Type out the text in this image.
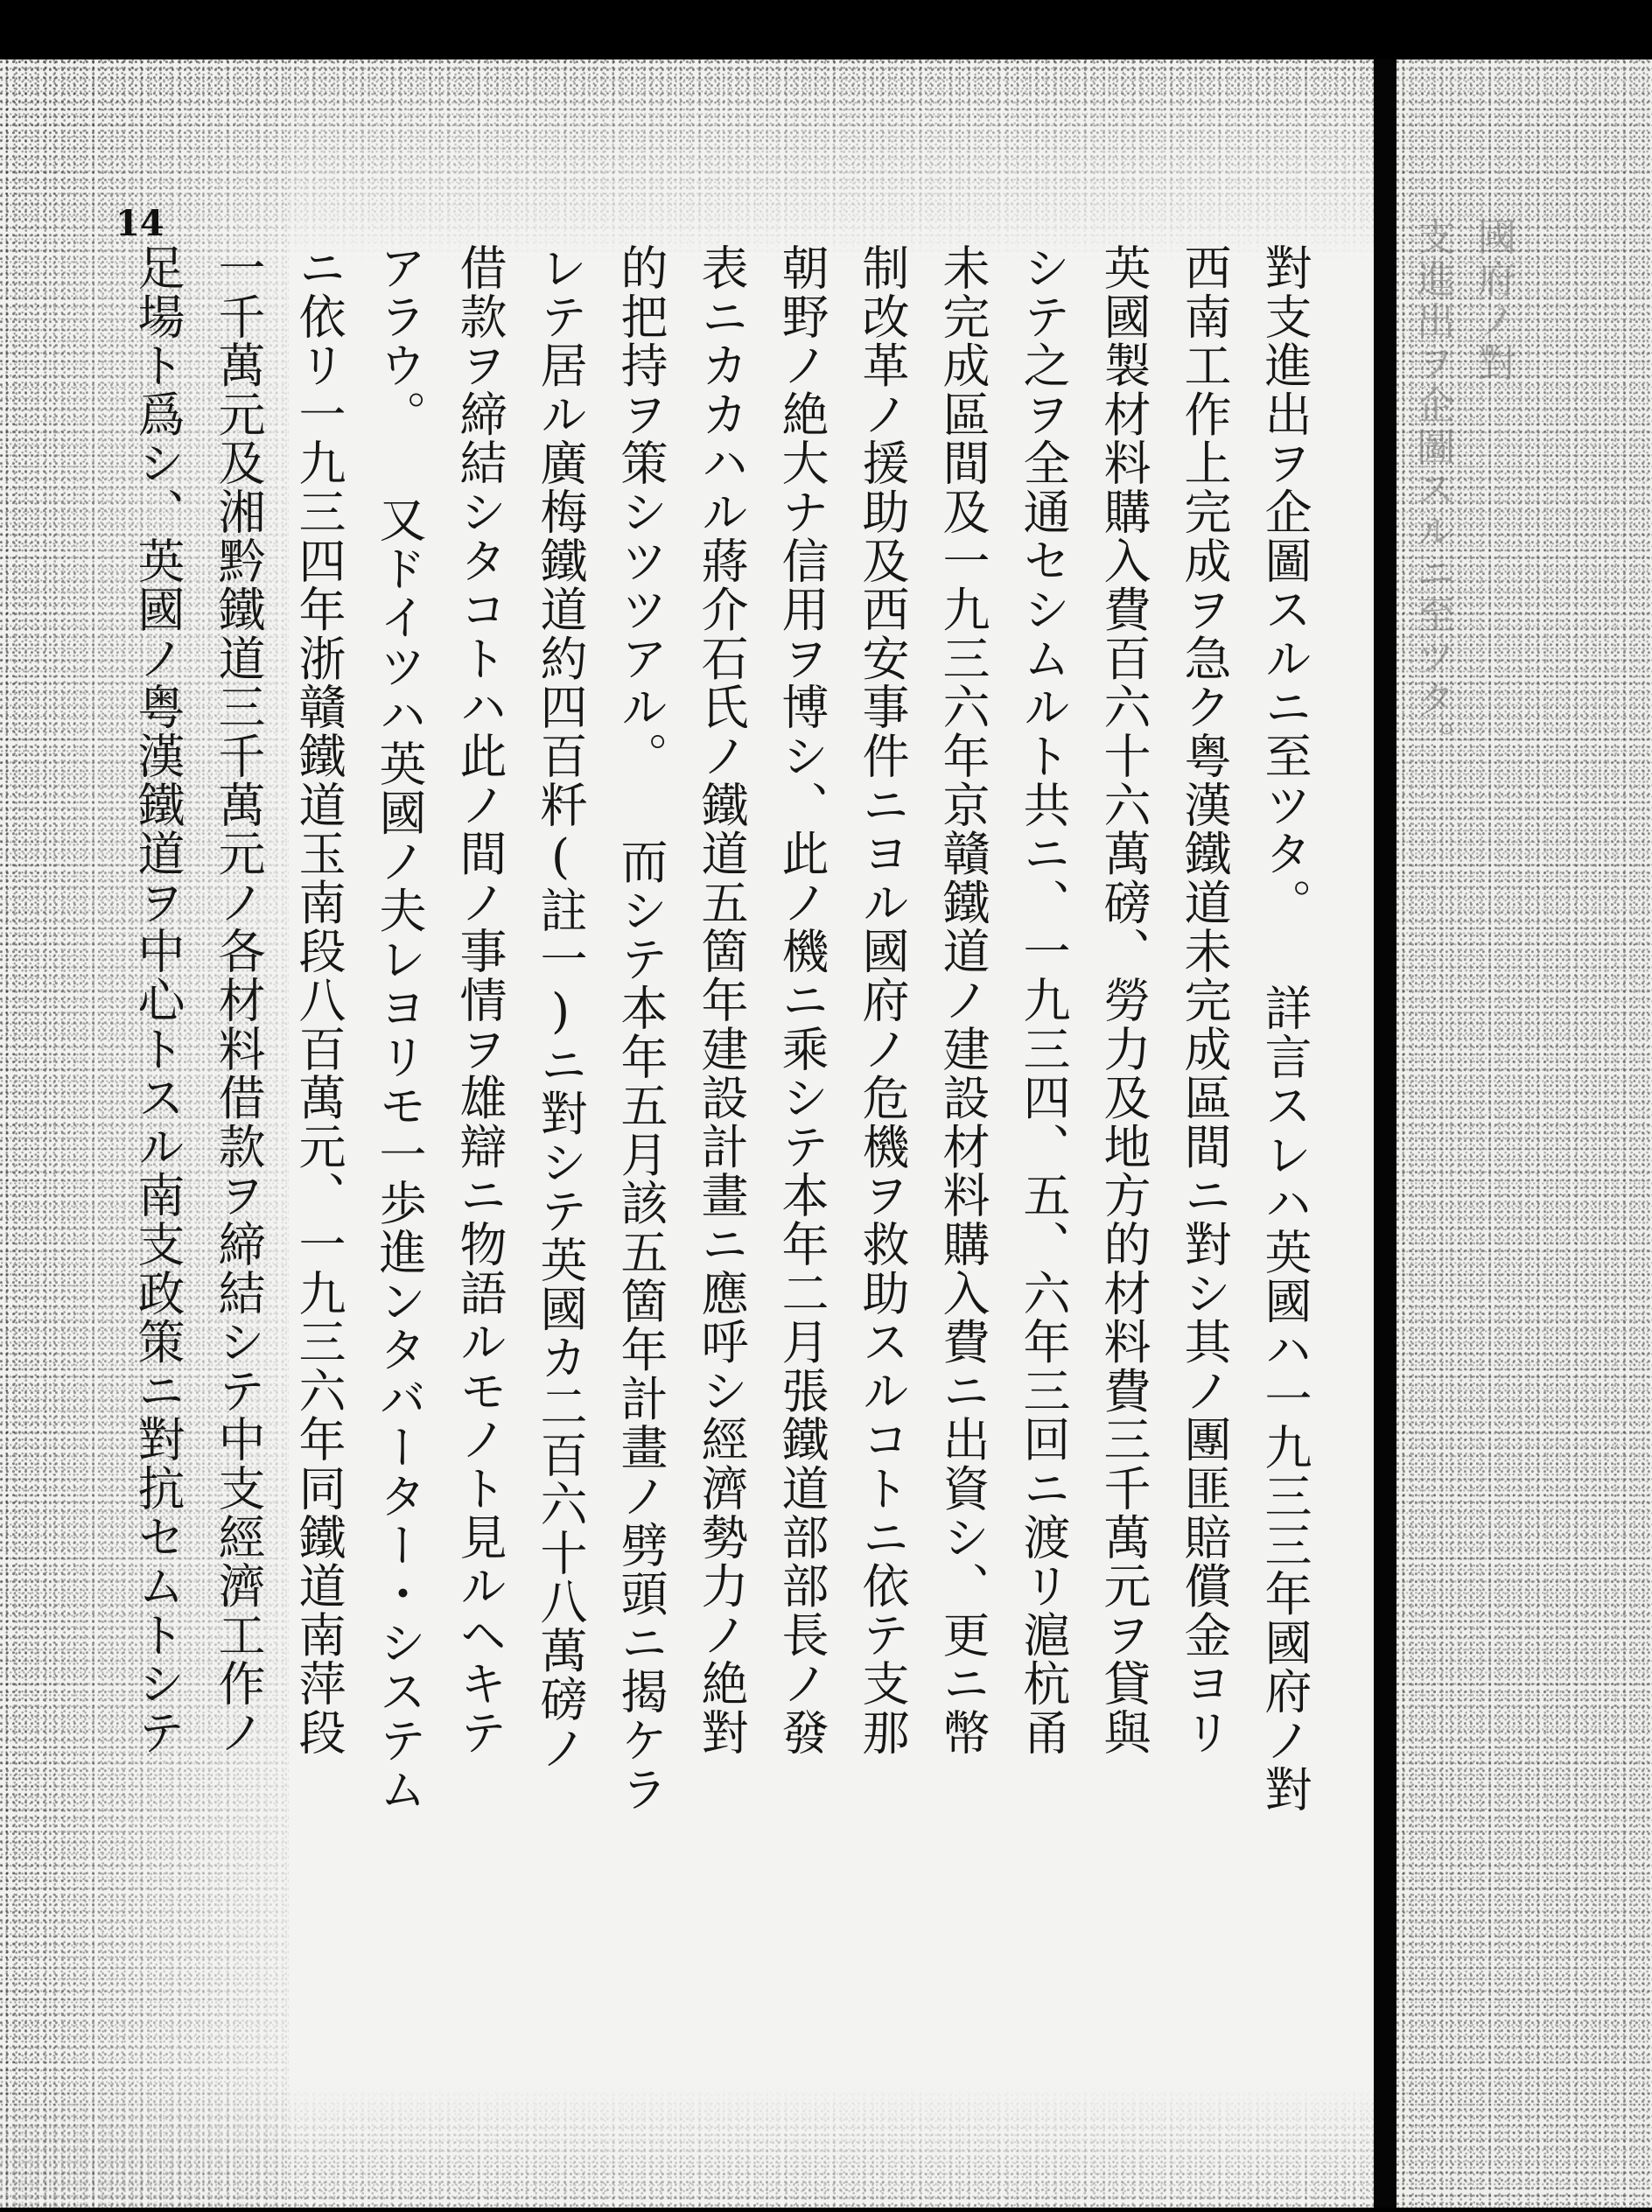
14
對支進出ヲ企圖スルニ至ツタ。 詳言スレハ英國ハ一九三三年國府ノ對
西南工作上完成ヲ急ク粤漢鐵道未完成區間ニ對シ其ノ團匪賠償金ヨリ
英國製材料購入費百六十六萬磅、勞力及地方的材料費三千萬元ヲ貸與
シテ之ヲ全通セシムルト共ニ、一九三四、五、六年三回ニ渡リ滬杭甬
未完成區間及一九三六年京贛鐵道ノ建設材料購入費ニ出資シ、更ニ幣
制改革ノ援助及西安事件ニヨル國府ノ危機ヲ救助スルコトニ依テ支那
朝野ノ絶大ナ信用ヲ博シ、此ノ機ニ乘シテ本年二月張鐵道部部長ノ發
表ニカカハル蔣介石氏ノ鐵道五箇年建設計畫ニ應呼シ經濟勢力ノ絶對
的把持ヲ策シツツアル。 而シテ本年五月該五箇年計畫ノ劈頭ニ揭ケラ
レテ居ル廣梅鐵道約四百粁(註一)ニ對シテ英國カ二百六十八萬磅ノ
借款ヲ締結シタコトハ此ノ間ノ事情ヲ雄辯ニ物語ルモノト見ルヘキテ
アラウ。 又ドイツハ英國ノ夫レヨリモ一歩進ンタバーター・システム
ニ依リ一九三四年浙贛鐵道玉南段八百萬元、一九三六年同鐵道南萍段
一千萬元及湘黔鐵道三千萬元ノ各材料借款ヲ締結シテ中支經濟工作ノ
足場ト爲シ、英國ノ粤漢鐵道ヲ中心トスル南支政策ニ對抗セムトシテ	國府ノ對
支進出ヲ企圖スルニ至ツタ。
